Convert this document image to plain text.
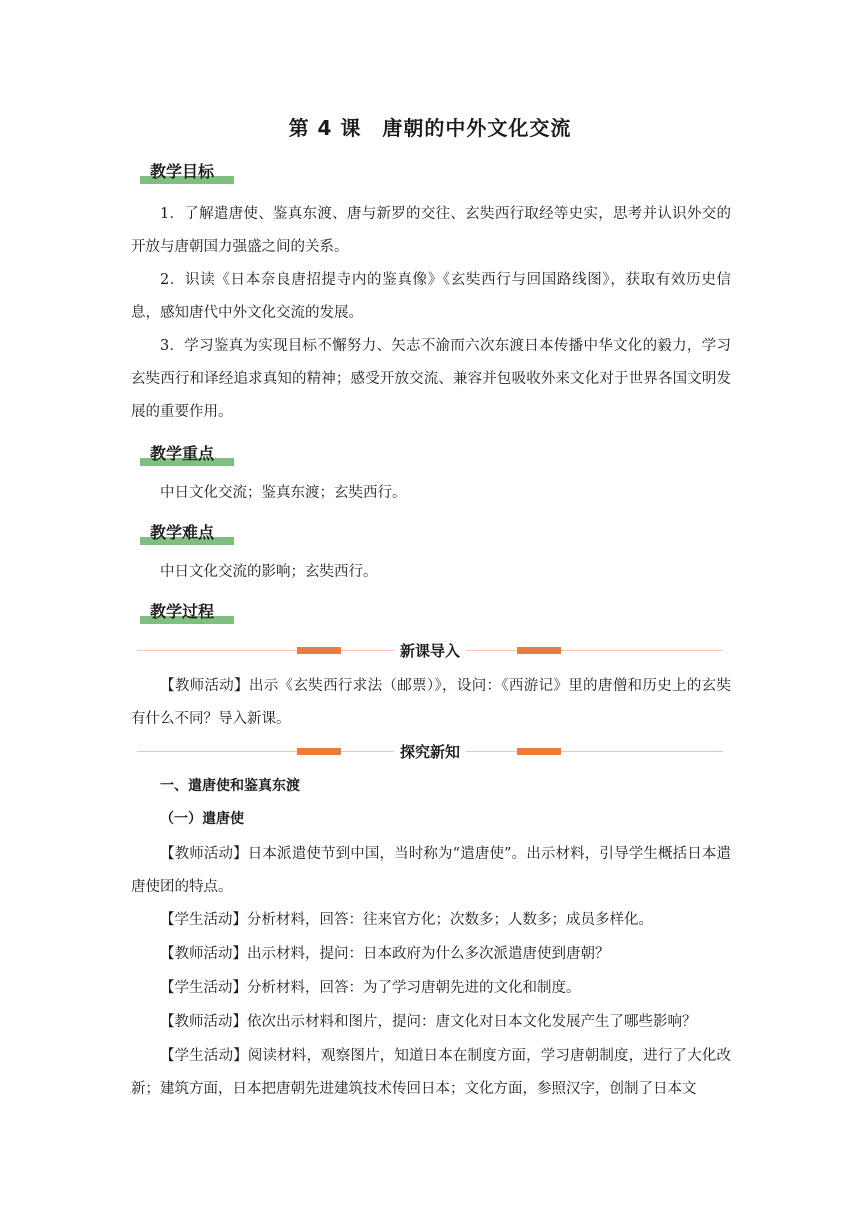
第 4 课　唐朝的中外文化交流
教学目标
1．了解遣唐使、鉴真东渡、唐与新罗的交往、玄奘西行取经等史实，思考并认识外交的开放与唐朝国力强盛之间的关系。
2．识读《日本奈良唐招提寺内的鉴真像》《玄奘西行与回国路线图》，获取有效历史信息，感知唐代中外文化交流的发展。
3．学习鉴真为实现目标不懈努力、矢志不渝而六次东渡日本传播中华文化的毅力，学习玄奘西行和译经追求真知的精神；感受开放交流、兼容并包吸收外来文化对于世界各国文明发展的重要作用。
教学重点
中日文化交流；鉴真东渡；玄奘西行。
教学难点
中日文化交流的影响；玄奘西行。
教学过程
新课导入
【教师活动】出示《玄奘西行求法（邮票）》，设问：《西游记》里的唐僧和历史上的玄奘有什么不同？导入新课。
探究新知
一、遣唐使和鉴真东渡
（一）遣唐使
【教师活动】日本派遣使节到中国，当时称为“遣唐使”。出示材料，引导学生概括日本遣唐使团的特点。
【学生活动】分析材料，回答：往来官方化；次数多；人数多；成员多样化。
【教师活动】出示材料，提问：日本政府为什么多次派遣唐使到唐朝？
【学生活动】分析材料，回答：为了学习唐朝先进的文化和制度。
【教师活动】依次出示材料和图片，提问：唐文化对日本文化发展产生了哪些影响？
【学生活动】阅读材料，观察图片，知道日本在制度方面，学习唐朝制度，进行了大化改新；建筑方面，日本把唐朝先进建筑技术传回日本；文化方面，参照汉字，创制了日本文
